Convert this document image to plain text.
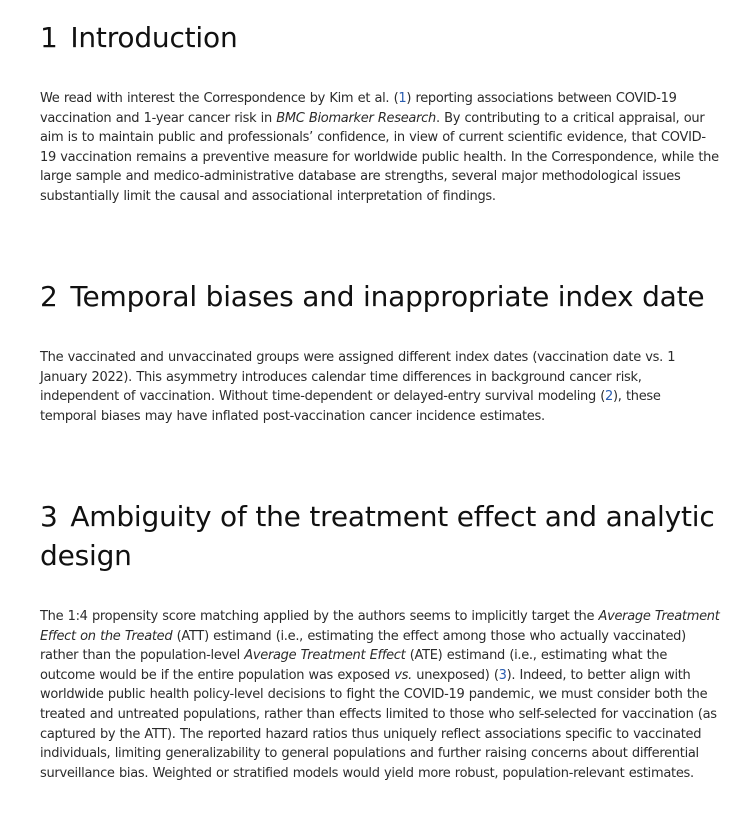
1 Introduction

We read with interest the Correspondence by Kim et al. (1) reporting associations between COVID-19 vaccination and 1-year cancer risk in BMC Biomarker Research. By contributing to a critical appraisal, our aim is to maintain public and professionals’ confidence, in view of current scientific evidence, that COVID-19 vaccination remains a preventive measure for worldwide public health. In the Correspondence, while the large sample and medico-administrative database are strengths, several major methodological issues substantially limit the causal and associational interpretation of findings.

2 Temporal biases and inappropriate index date

The vaccinated and unvaccinated groups were assigned different index dates (vaccination date vs. 1 January 2022). This asymmetry introduces calendar time differences in background cancer risk, independent of vaccination. Without time-dependent or delayed-entry survival modeling (2), these temporal biases may have inflated post-vaccination cancer incidence estimates.

3 Ambiguity of the treatment effect and analytic design

The 1:4 propensity score matching applied by the authors seems to implicitly target the Average Treatment Effect on the Treated (ATT) estimand (i.e., estimating the effect among those who actually vaccinated) rather than the population-level Average Treatment Effect (ATE) estimand (i.e., estimating what the outcome would be if the entire population was exposed vs. unexposed) (3). Indeed, to better align with worldwide public health policy-level decisions to fight the COVID-19 pandemic, we must consider both the treated and untreated populations, rather than effects limited to those who self-selected for vaccination (as captured by the ATT). The reported hazard ratios thus uniquely reflect associations specific to vaccinated individuals, limiting generalizability to general populations and further raising concerns about differential surveillance bias. Weighted or stratified models would yield more robust, population-relevant estimates.
